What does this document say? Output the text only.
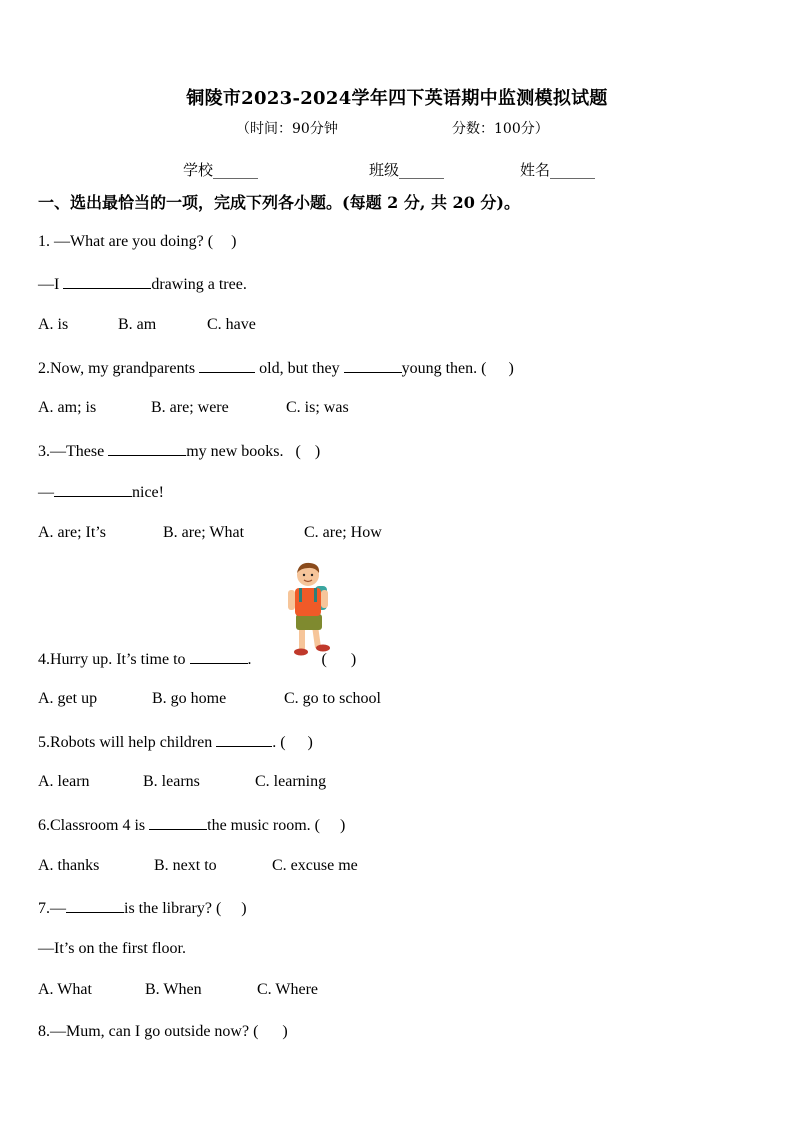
铜陵市2023-2024学年四下英语期中监测模拟试题
（时间：90分钟	分数：100分）
学校______	班级______	姓名______
一、选出最恰当的一项，完成下列各小题。(每题 2 分, 共 20 分)。
1. —What are you doing? ( )
—I	drawing a tree.
A. is	B. am	C. have
2.Now, my grandparents	old, but they	young then. ( )
A. am; is	B. are; were	C. is; was
3.—These	my new books. ( )
—	nice!
A. are; It’s	B. are; What	C. are; How
4.Hurry up. It’s time to	.	( )
A. get up	B. go home	C. go to school
5.Robots will help children	. ( )
A. learn	B. learns	C. learning
6.Classroom 4 is	the music room. ( )
A. thanks	B. next to	C. excuse me
7.—	is the library? ( )
—It’s on the first floor.
A. What	B. When	C. Where
8.—Mum, can I go outside now? ( )
